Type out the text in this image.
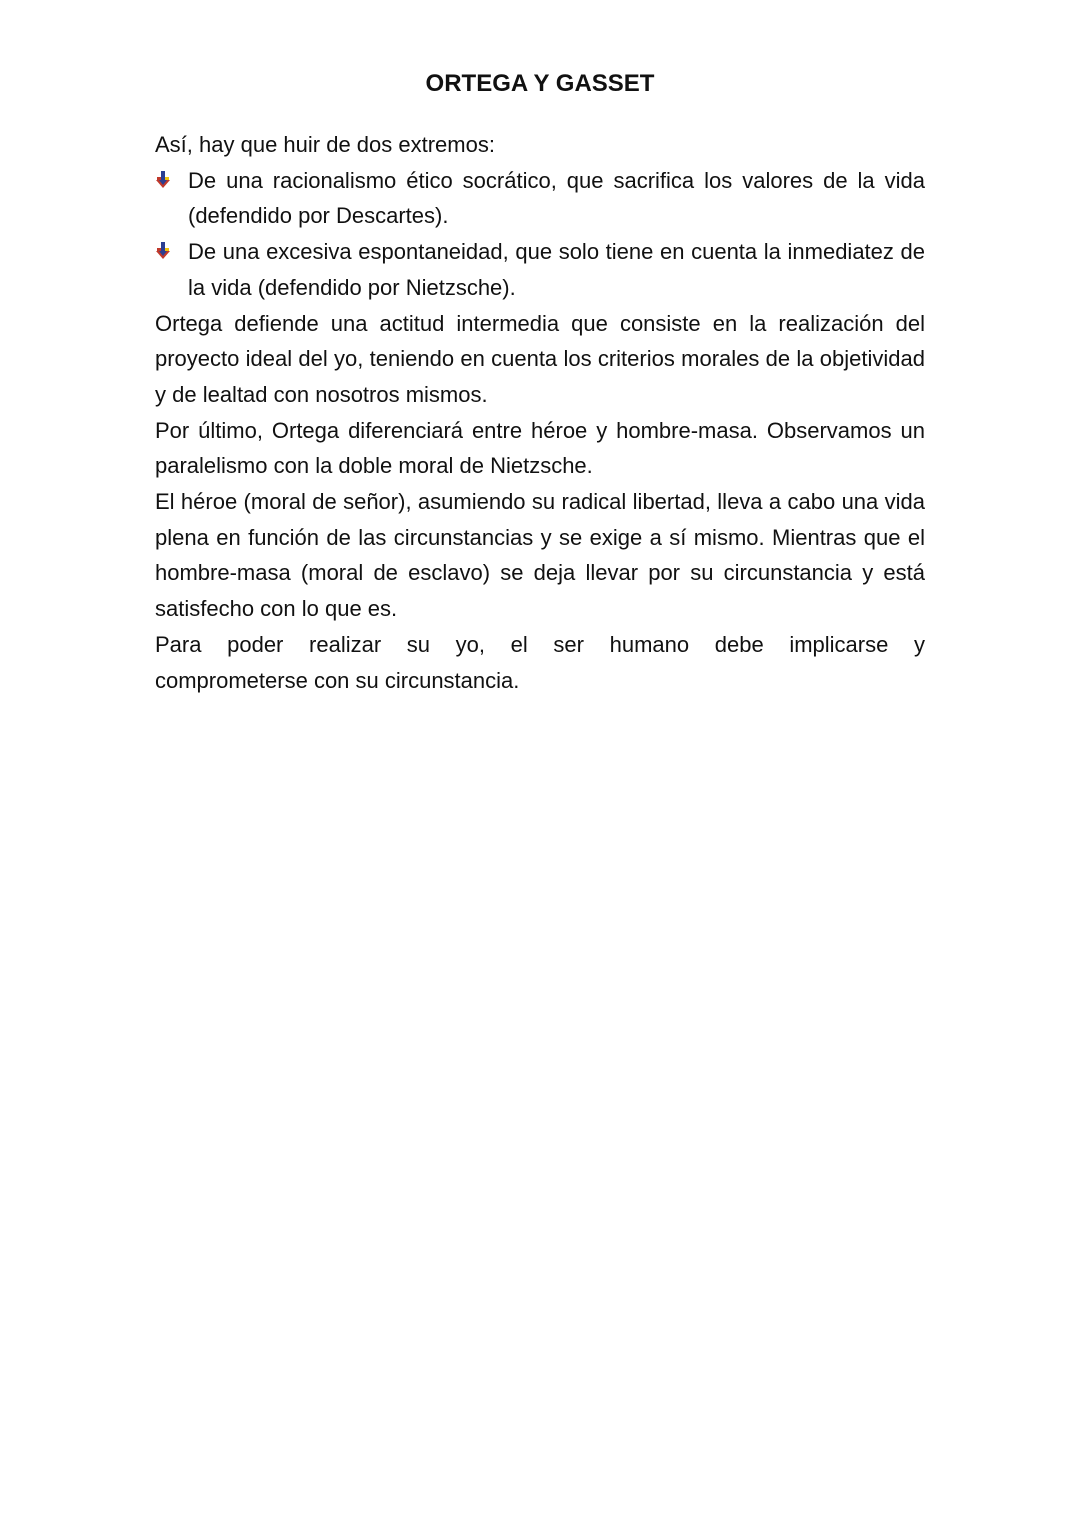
ORTEGA Y GASSET

Así, hay que huir de dos extremos:

De una racionalismo ético socrático, que sacrifica los valores de la vida (defendido por Descartes).
De una excesiva espontaneidad, que solo tiene en cuenta la inmediatez de la vida (defendido por Nietzsche).

Ortega defiende una actitud intermedia que consiste en la realización del proyecto ideal del yo, teniendo en cuenta los criterios morales de la objetividad y de lealtad con nosotros mismos.

Por último, Ortega diferenciará entre héroe y hombre-masa. Observamos un paralelismo con la doble moral de Nietzsche.

El héroe (moral de señor), asumiendo su radical libertad, lleva a cabo una vida plena en función de las circunstancias y se exige a sí mismo. Mientras que el hombre-masa (moral de esclavo) se deja llevar por su circunstancia y está satisfecho con lo que es.

Para poder realizar su yo, el ser humano debe implicarse y

comprometerse con su circunstancia.
